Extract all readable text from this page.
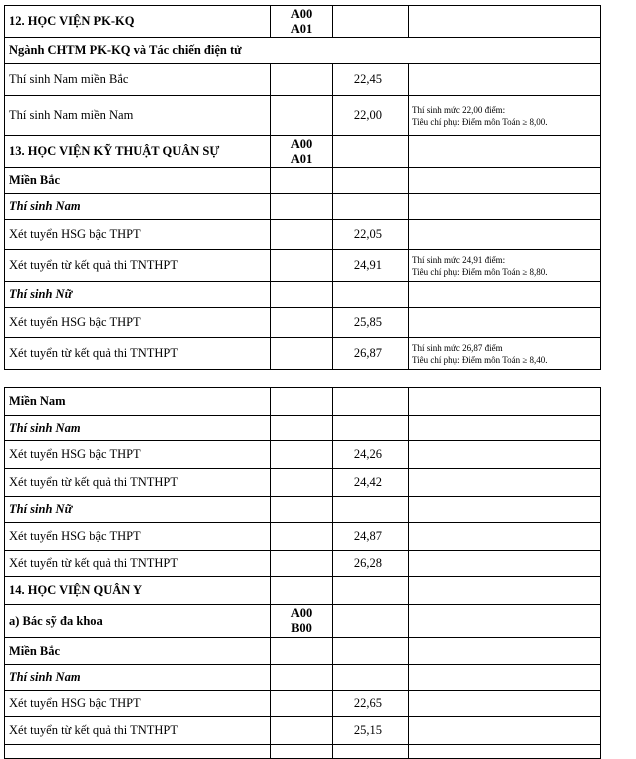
12. HỌC VIỆN PK-KQ	A00
A01		

Ngành CHTM PK-KQ và Tác chiến điện tử			
Thí sinh Nam miền Bắc		22,45	
Thí sinh Nam miền Nam		22,00	Thí sinh mức 22,00 điểm:
Tiêu chí phụ: Điểm môn Toán ≥ 8,00.

13. HỌC VIỆN KỸ THUẬT QUÂN SỰ	A00
A01		

Miền Bắc			
Thí sinh Nam			
Xét tuyển HSG bậc THPT		22,05	
Xét tuyển từ kết quả thi TNTHPT		24,91	Thí sinh mức 24,91 điểm:
Tiêu chí phụ: Điểm môn Toán ≥ 8,80.

Thí sinh Nữ			
Xét tuyển HSG bậc THPT		25,85	
Xét tuyển từ kết quả thi TNTHPT		26,87	Thí sinh mức 26,87 điểm
Tiêu chí phụ: Điểm môn Toán ≥ 8,40.
Miền Nam			
Thí sinh Nam			
Xét tuyển HSG bậc THPT		24,26	
Xét tuyển từ kết quả thi TNTHPT		24,42	
Thí sinh Nữ			
Xét tuyển HSG bậc THPT		24,87	
Xét tuyển từ kết quả thi TNTHPT		26,28	
14. HỌC VIỆN QUÂN Y			
a) Bác sỹ đa khoa	A00
B00		

Miền Bắc			
Thí sinh Nam			
Xét tuyển HSG bậc THPT		22,65	
Xét tuyển từ kết quả thi TNTHPT		25,15	
